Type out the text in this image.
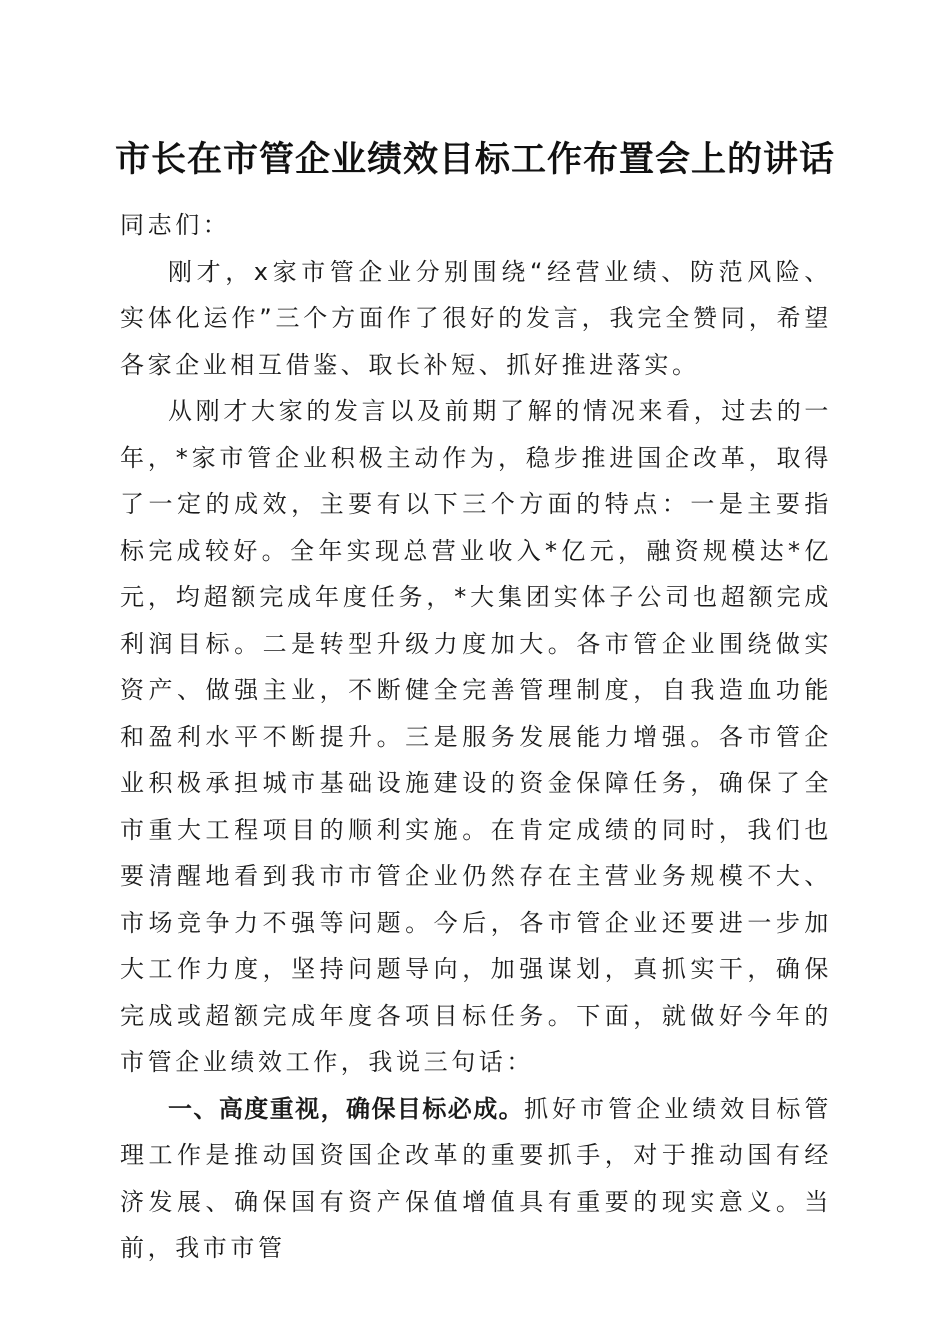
市长在市管企业绩效目标工作布置会上的讲话

同志们：

刚才，x家市管企业分别围绕“经营业绩、防范风险、实体化运作”三个方面作了很好的发言，我完全赞同，希望各家企业相互借鉴、取长补短、抓好推进落实。

从刚才大家的发言以及前期了解的情况来看，过去的一年，*家市管企业积极主动作为，稳步推进国企改革，取得了一定的成效，主要有以下三个方面的特点：一是主要指标完成较好。全年实现总营业收入*亿元，融资规模达*亿元，均超额完成年度任务，*大集团实体子公司也超额完成利润目标。二是转型升级力度加大。各市管企业围绕做实资产、做强主业，不断健全完善管理制度，自我造血功能和盈利水平不断提升。三是服务发展能力增强。各市管企业积极承担城市基础设施建设的资金保障任务，确保了全市重大工程项目的顺利实施。在肯定成绩的同时，我们也要清醒地看到我市市管企业仍然存在主营业务规模不大、市场竞争力不强等问题。今后，各市管企业还要进一步加大工作力度，坚持问题导向，加强谋划，真抓实干，确保完成或超额完成年度各项目标任务。下面，就做好今年的市管企业绩效工作，我说三句话：

一、高度重视，确保目标必成。抓好市管企业绩效目标管理工作是推动国资国企改革的重要抓手，对于推动国有经济发展、确保国有资产保值增值具有重要的现实意义。当前，我市市管
